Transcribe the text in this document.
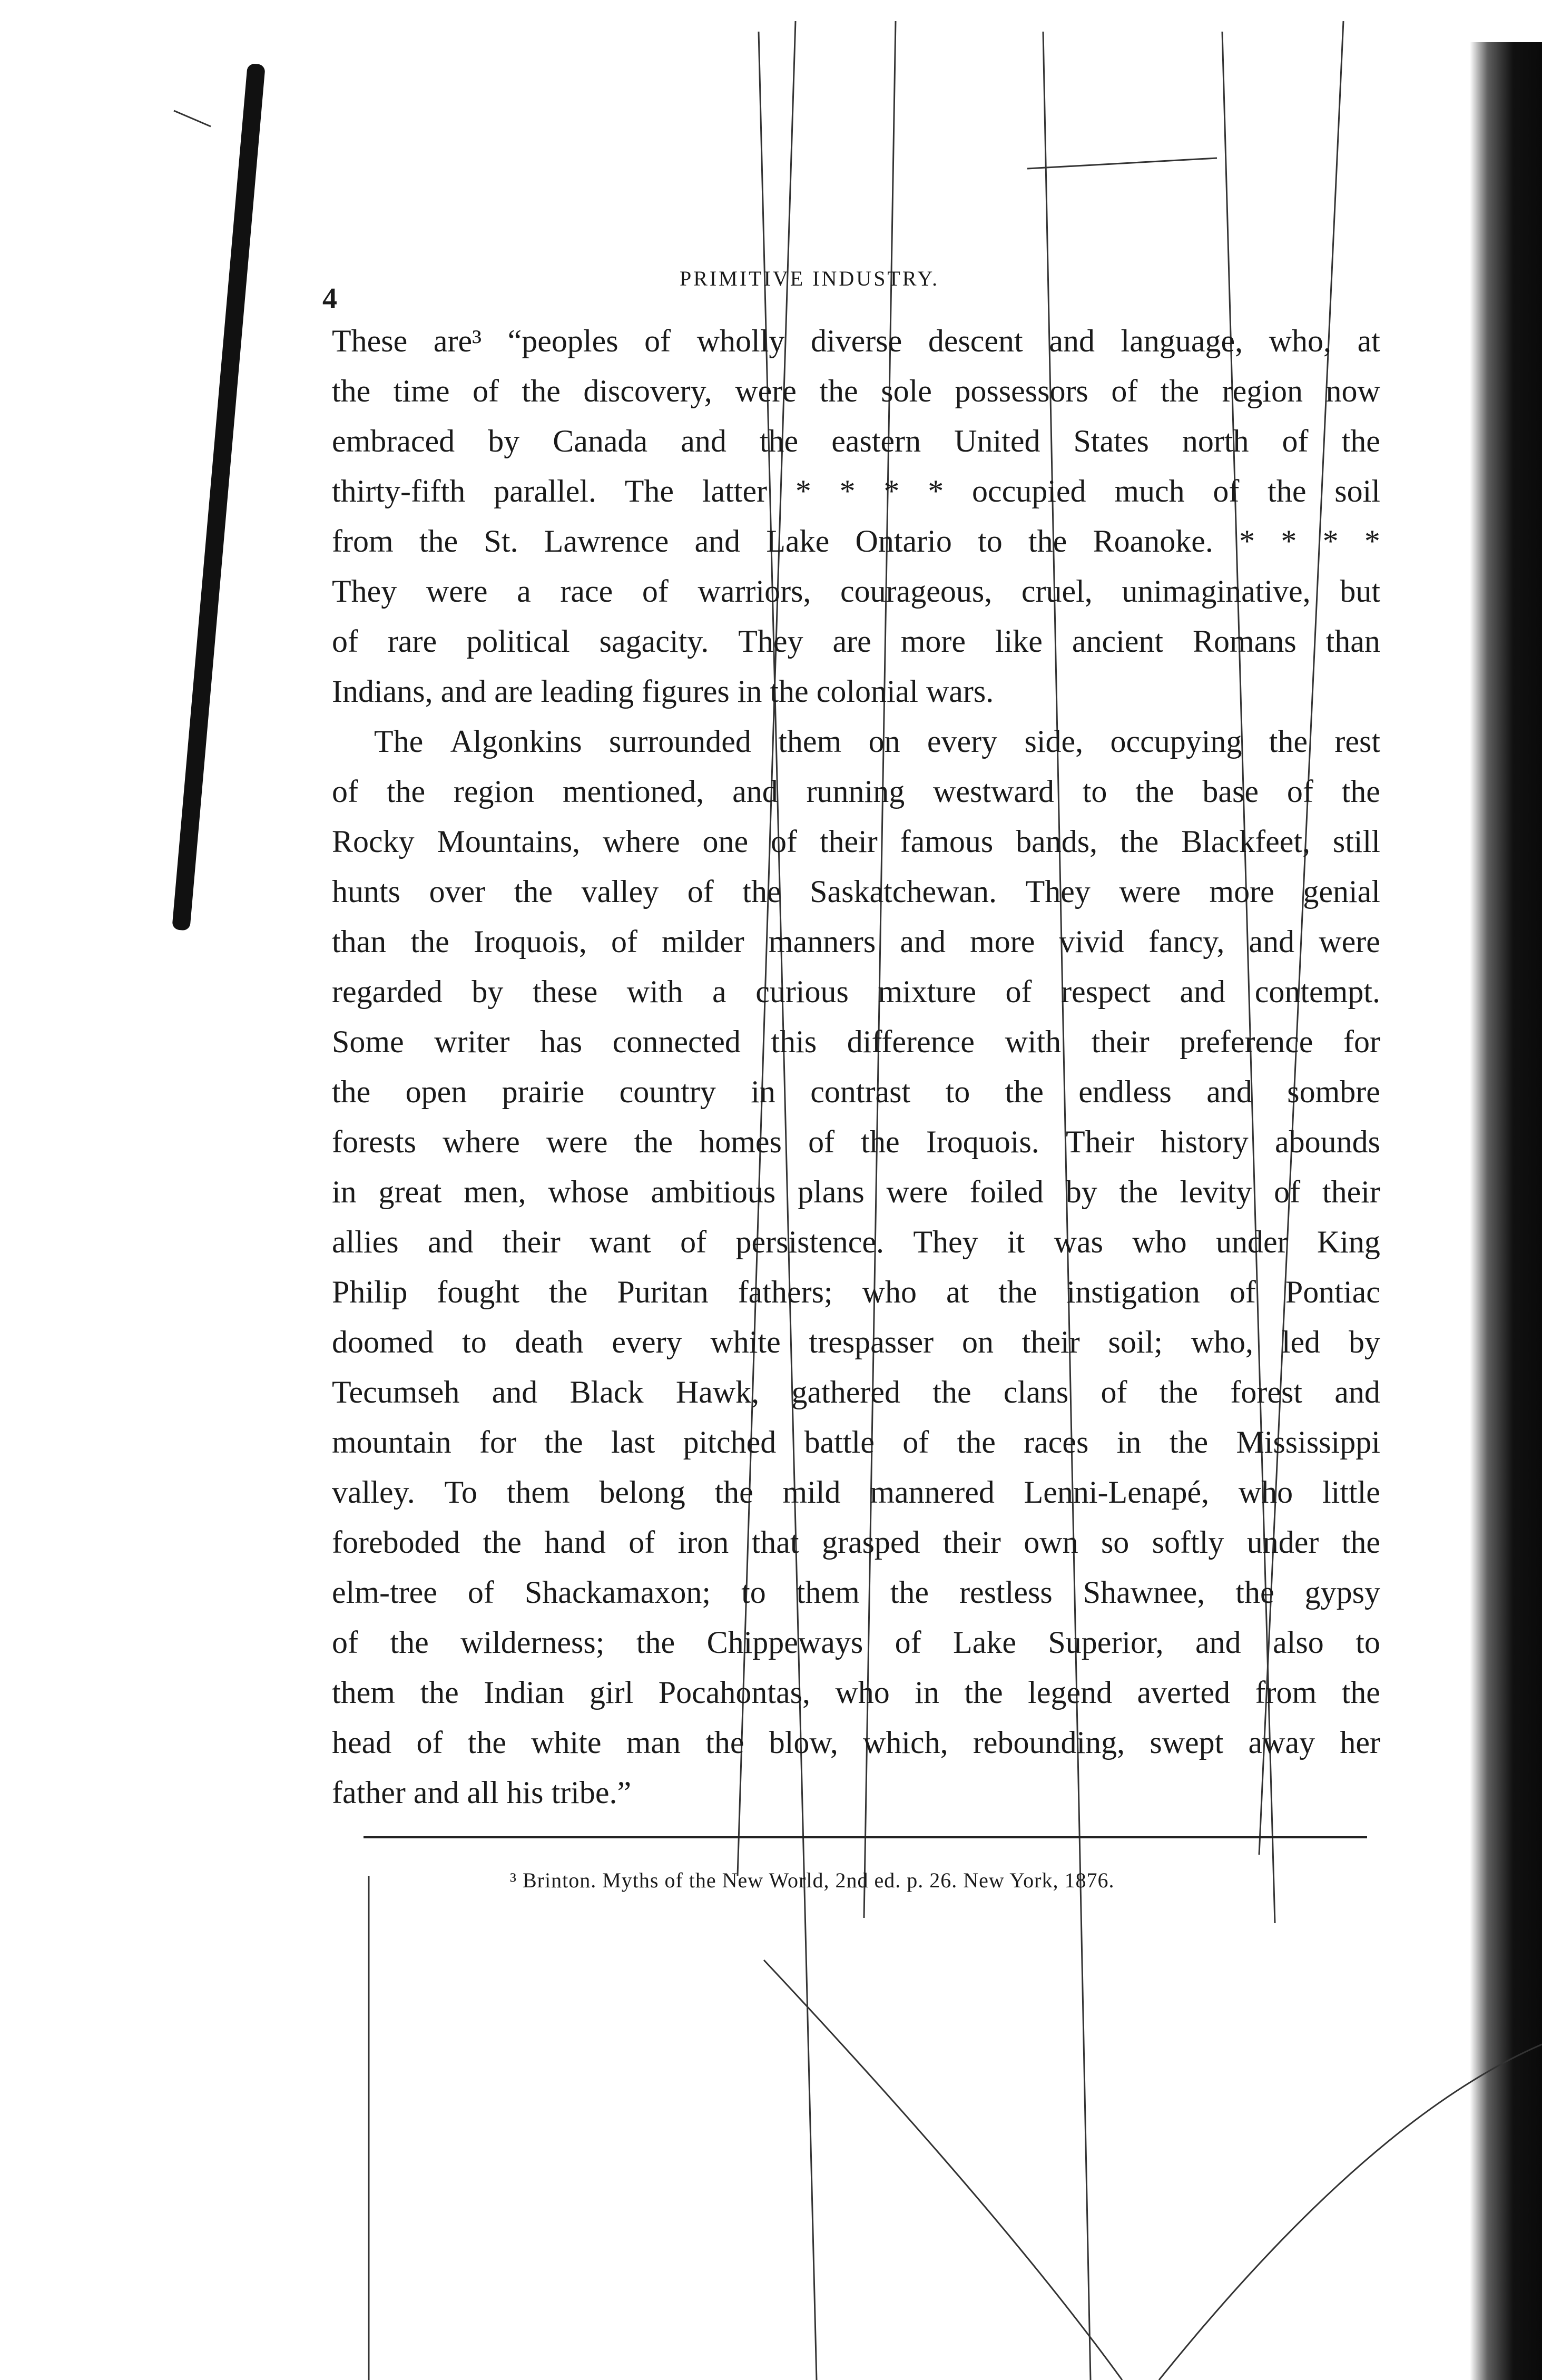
4
PRIMITIVE INDUSTRY.
These are³ “peoples of wholly diverse descent and language, who, at
the time of the discovery, were the sole possessors of the region now
embraced by Canada and the eastern United States north of the
thirty-fifth parallel. The latter * * * * occupied much of the soil
from the St. Lawrence and Lake Ontario to the Roanoke. * * * *
They were a race of warriors, courageous, cruel, unimaginative, but
of rare political sagacity. They are more like ancient Romans than
Indians, and are leading figures in the colonial wars.
The Algonkins surrounded them on every side, occupying the rest
of the region mentioned, and running westward to the base of the
Rocky Mountains, where one of their famous bands, the Blackfeet, still
hunts over the valley of the Saskatchewan. They were more genial
than the Iroquois, of milder manners and more vivid fancy, and were
regarded by these with a curious mixture of respect and contempt.
Some writer has connected this difference with their preference for
the open prairie country in contrast to the endless and sombre
forests where were the homes of the Iroquois. Their history abounds
in great men, whose ambitious plans were foiled by the levity of their
allies and their want of persistence. They it was who under King
Philip fought the Puritan fathers; who at the instigation of Pontiac
doomed to death every white trespasser on their soil; who, led by
Tecumseh and Black Hawk, gathered the clans of the forest and
mountain for the last pitched battle of the races in the Mississippi
valley. To them belong the mild mannered Lenni-Lenapé, who little
foreboded the hand of iron that grasped their own so softly under the
elm-tree of Shackamaxon; to them the restless Shawnee, the gypsy
of the wilderness; the Chippeways of Lake Superior, and also to
them the Indian girl Pocahontas, who in the legend averted from the
head of the white man the blow, which, rebounding, swept away her
father and all his tribe.”
³ Brinton. Myths of the New World, 2nd ed. p. 26. New York, 1876.
